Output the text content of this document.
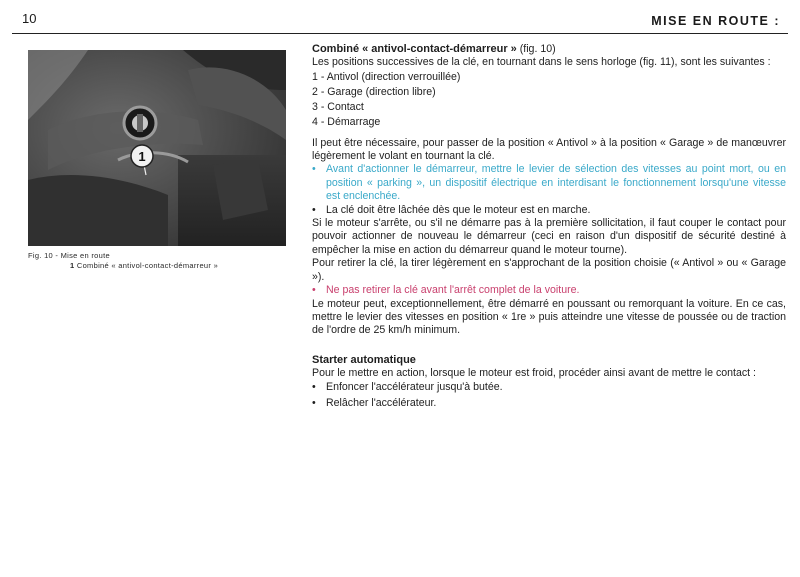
10	MISE EN ROUTE :
1
Fig. 10 - Mise en route
1 Combiné « antivol-contact-démarreur »

Combiné « antivol-contact-démarreur » (fig. 10)

Les positions successives de la clé, en tournant dans le sens horloge (fig. 11), sont les suivantes :

1 - Antivol (direction verrouillée)
2 - Garage (direction libre)
3 - Contact
4 - Démarrage

Il peut être nécessaire, pour passer de la position « Antivol » à la position « Garage » de manœuvrer légèrement le volant en tournant la clé.

• Avant d'actionner le démarreur, mettre le levier de sélection des vitesses au point mort, ou en position « parking », un dispositif électrique en interdisant le fonctionnement lorsqu'une vitesse est enclenchée.

• La clé doit être lâchée dès que le moteur est en marche.

Si le moteur s'arrête, ou s'il ne démarre pas à la première sollicitation, il faut couper le contact pour pouvoir actionner de nouveau le démarreur (ceci en raison d'un dispositif de sécurité destiné à empêcher la mise en action du démarreur quand le moteur tourne).

Pour retirer la clé, la tirer légèrement en s'approchant de la position choisie (« Antivol » ou « Garage »).

• Ne pas retirer la clé avant l'arrêt complet de la voiture.

Le moteur peut, exceptionnellement, être démarré en poussant ou remorquant la voiture. En ce cas, mettre le levier des vitesses en position « 1re » puis atteindre une vitesse de poussée ou de traction de l'ordre de 25 km/h minimum.

Starter automatique

Pour le mettre en action, lorsque le moteur est froid, procéder ainsi avant de mettre le contact :

• Enfoncer l'accélérateur jusqu'à butée.

• Relâcher l'accélérateur.
